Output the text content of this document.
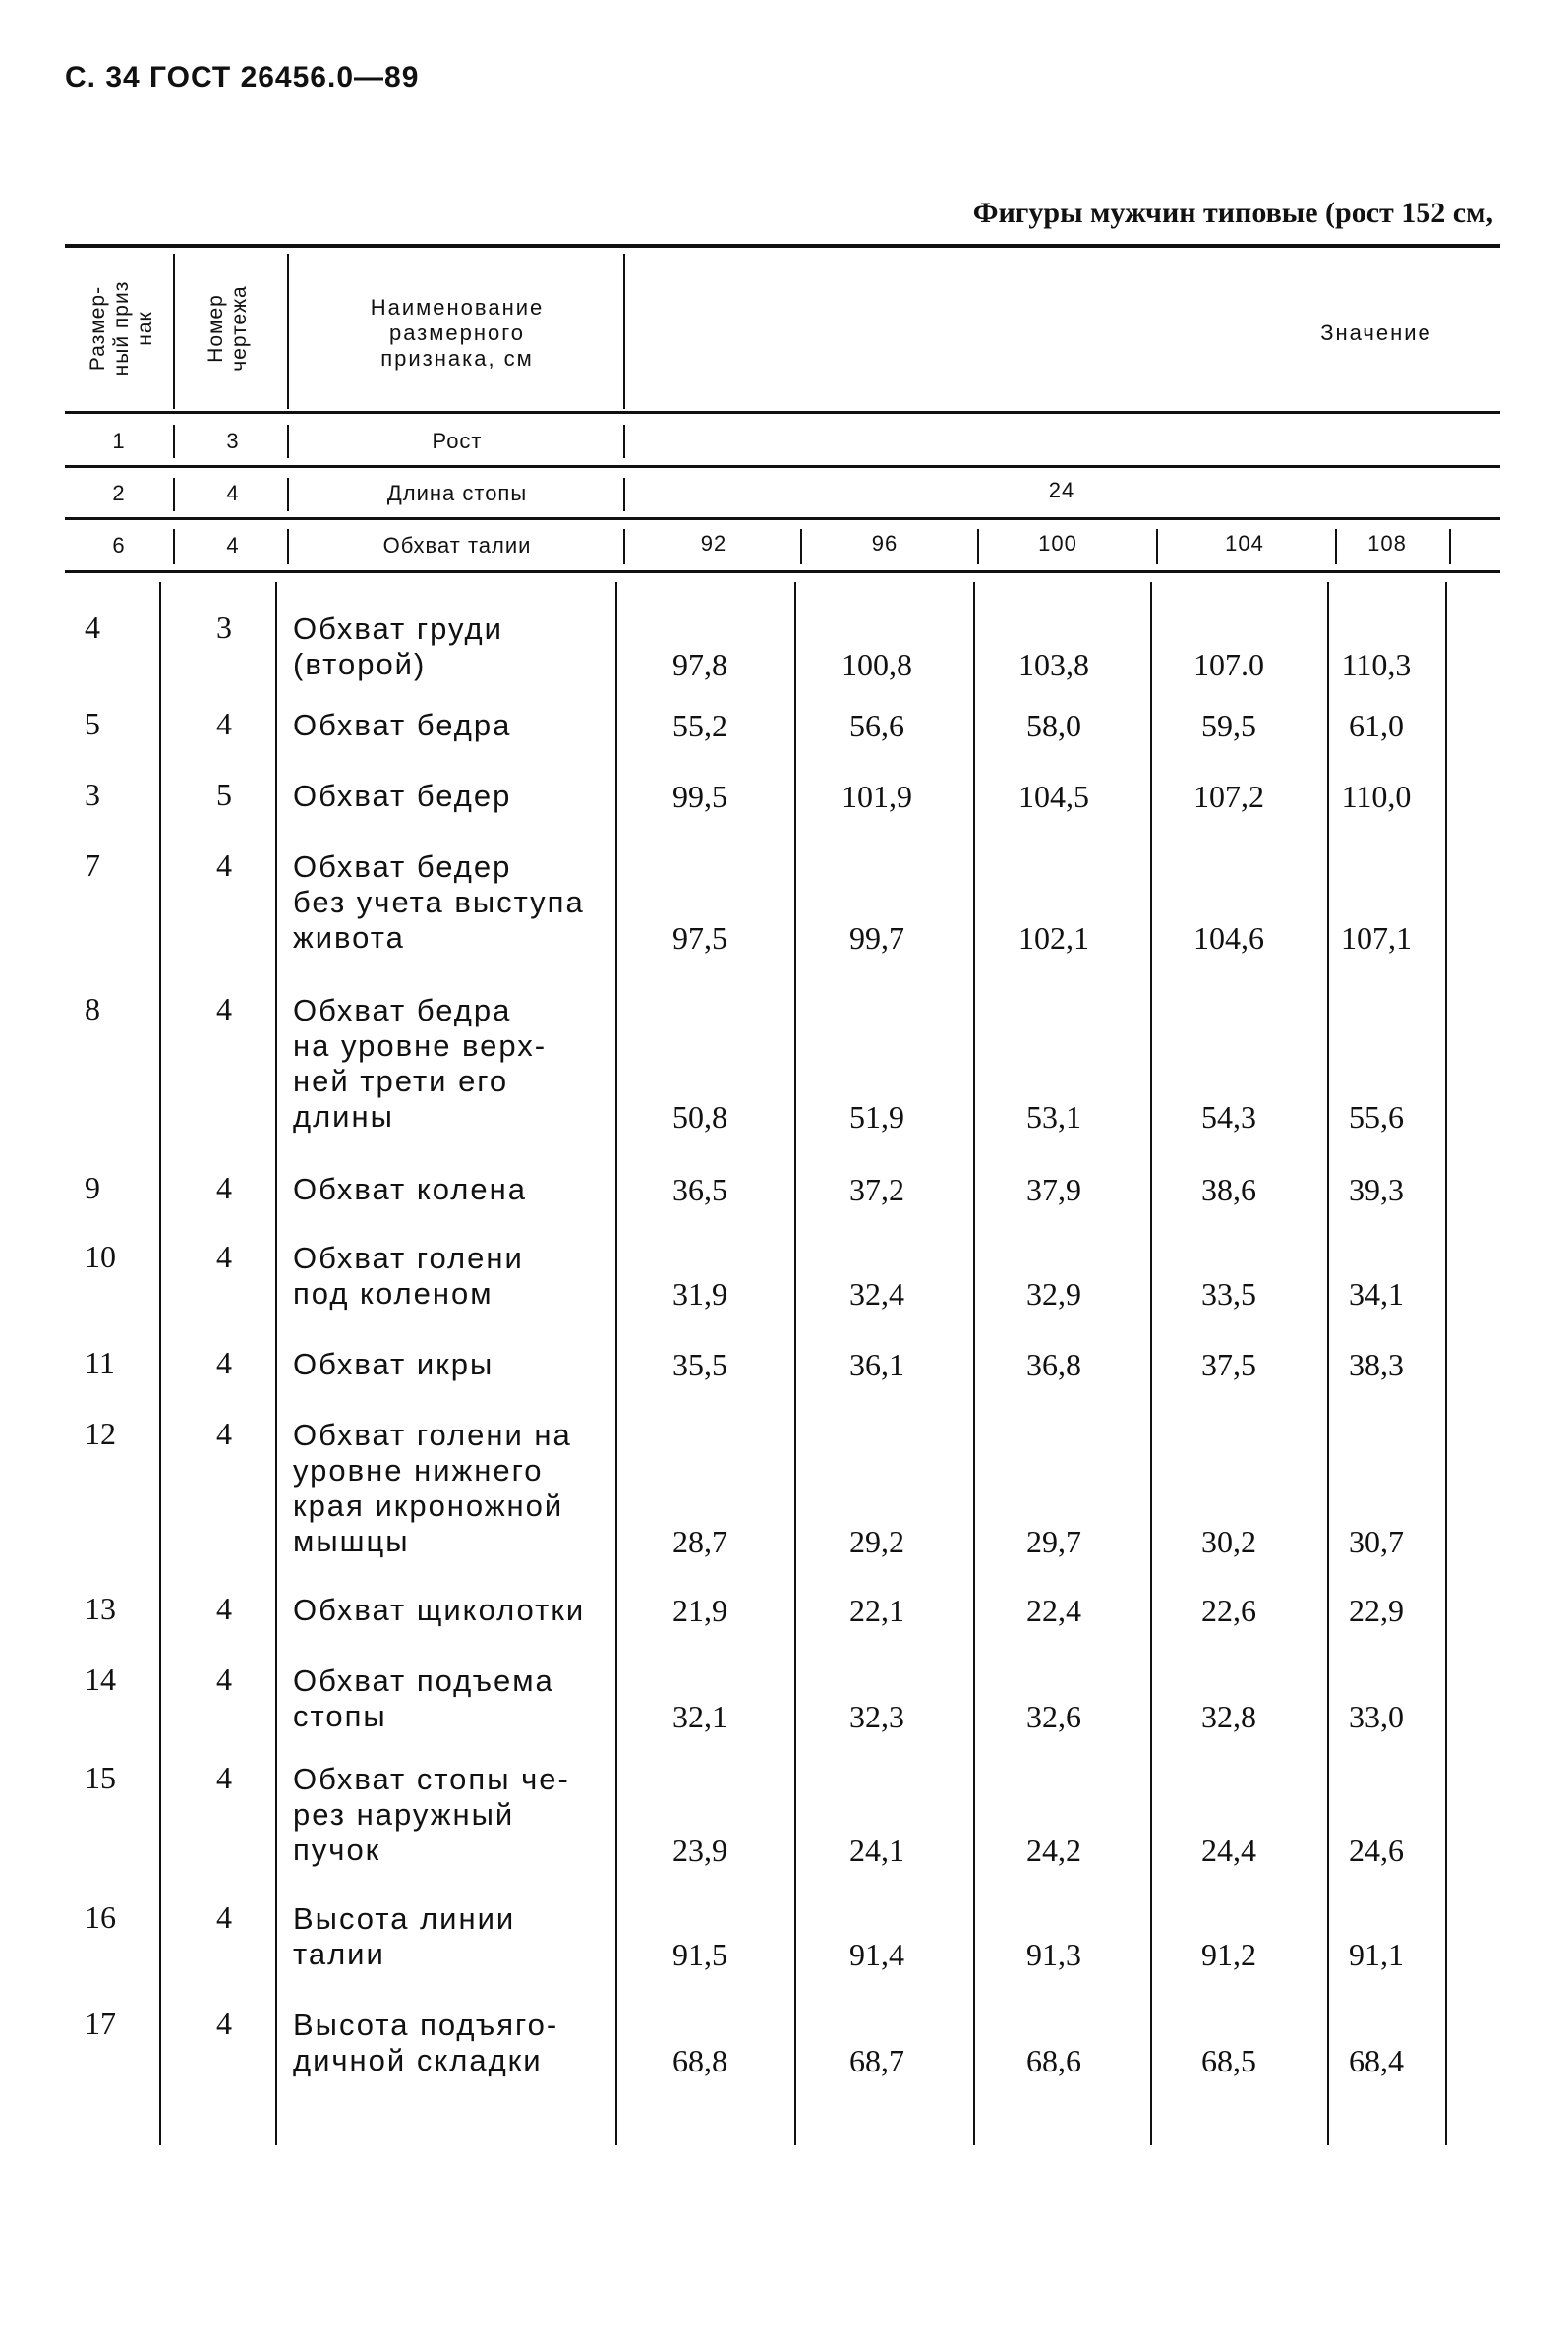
С. 34 ГОСТ 26456.0—89
Фигуры мужчин типовые (рост 152 см,
Размер-
ный приз
нак Номер
чертежа	Наименование
размерного
признака, см
Значение
1	3	Рост
2	4	Длина стопы	24
6	4	Обхват талии	92	96	100	104	108
4	3	Обхват груди
(второй)	97,8	100,8	103,8	107.0	110,3
5	4	Обхват бедра	55,2	56,6	58,0	59,5	61,0
3	5	Обхват бедер	99,5	101,9	104,5	107,2	110,0
7	4	Обхват бедер
без учета выступа
живота	97,5	99,7	102,1	104,6	107,1
8	4	Обхват бедра
на уровне верх-
ней трети его
длины	50,8	51,9	53,1	54,3	55,6
9	4	Обхват колена	36,5	37,2	37,9	38,6	39,3
10	4	Обхват голени
под коленом	31,9	32,4	32,9	33,5	34,1
11	4	Обхват икры	35,5	36,1	36,8	37,5	38,3
12	4	Обхват голени на
уровне нижнего
края икроножной
мышцы	28,7	29,2	29,7	30,2	30,7
13	4	Обхват щиколотки	21,9	22,1	22,4	22,6	22,9
14	4	Обхват подъема
стопы	32,1	32,3	32,6	32,8	33,0
15	4	Обхват стопы че-
рез наружный
пучок	23,9	24,1	24,2	24,4	24,6
16	4	Высота линии
талии	91,5	91,4	91,3	91,2	91,1
17	4	Высота подъяго-
дичной складки	68,8	68,7	68,6	68,5	68,4
